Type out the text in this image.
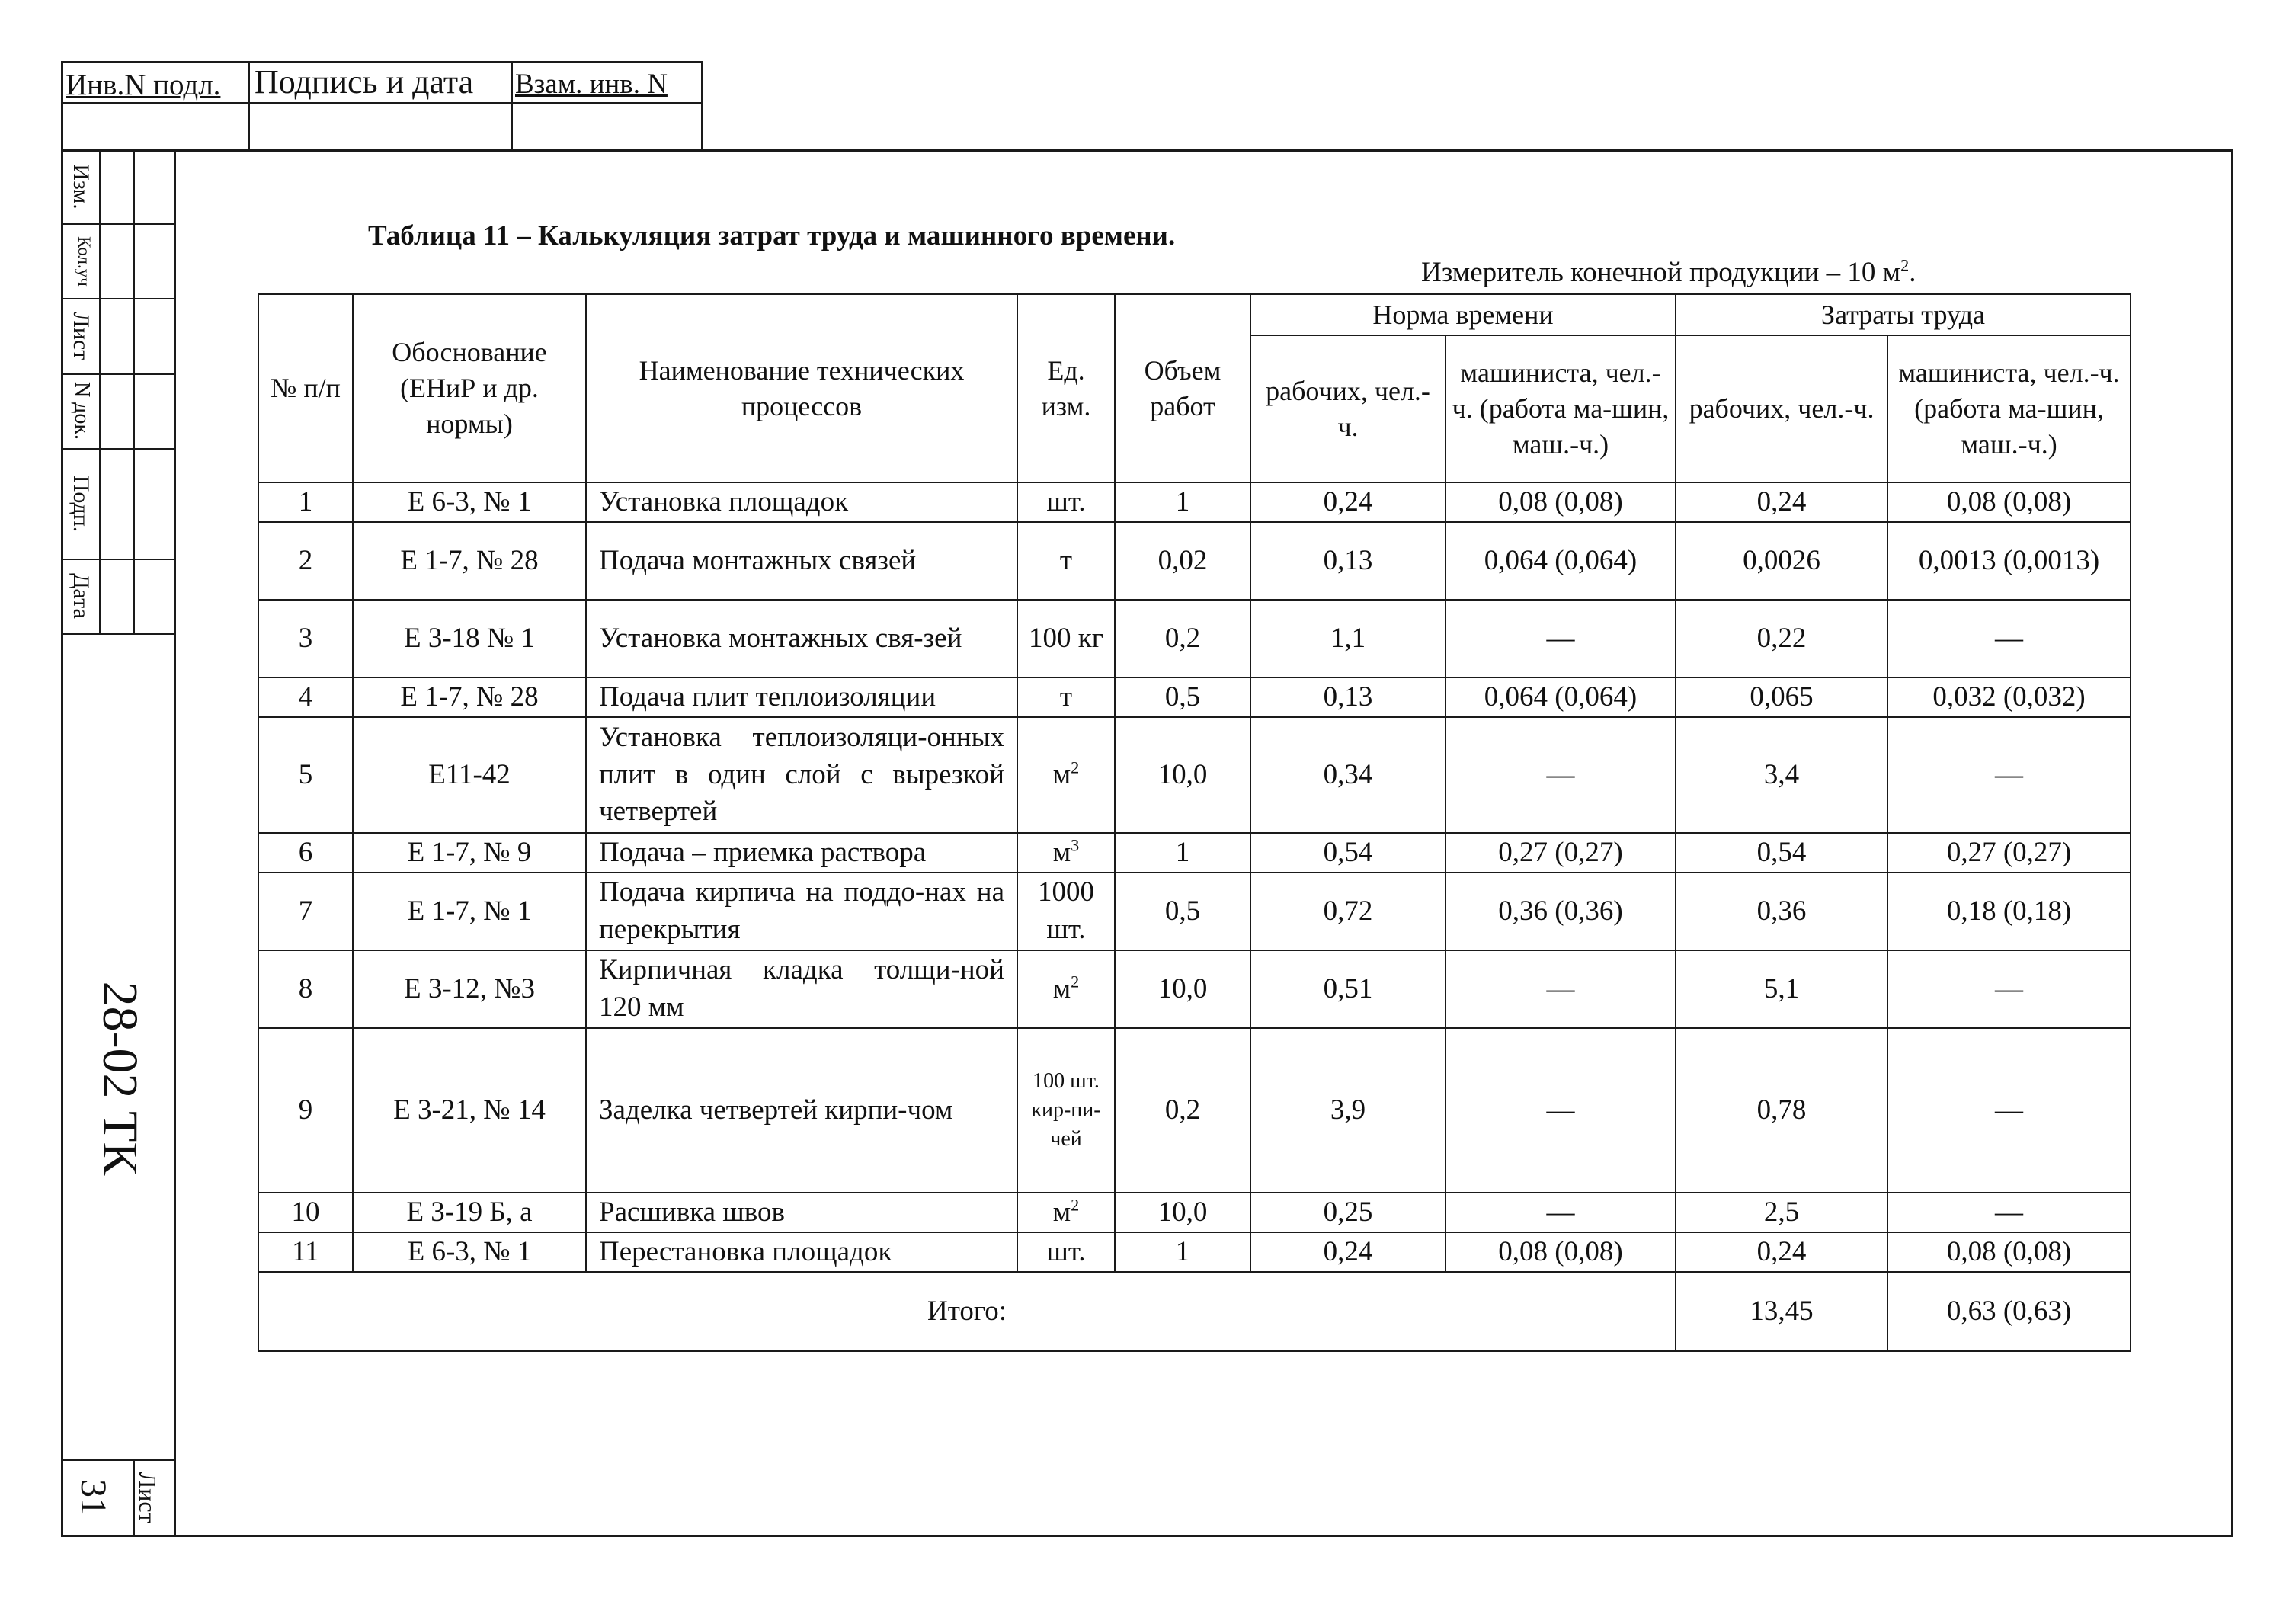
Инв.N подл. Подпись и дата Взам. инв. N
Изм.
Кол.уч
Лист
N док.
Подп.
Дата
28-02 ТК
Лист
31
Таблица 11 – Калькуляция затрат труда и машинного времени.
Измеритель конечной продукции – 10 $м^2$.
№ п/п	Обоснование (ЕНиР и др. нормы)	Наименование технических процессов	Ед. изм.	Объем работ	Норма времени		Затраты труда	
					рабочих, чел.-ч.	машиниста, чел.-ч. (работа ма-шин, маш.-ч.)	рабочих, чел.-ч.	машиниста, чел.-ч. (работа ма-шин, маш.-ч.)
1	Е 6-3, № 1	Установка площадок	шт.	1	0,24	0,08 (0,08)	0,24	0,08 (0,08)
2	Е 1-7, № 28	Подача монтажных связей	т	0,02	0,13	0,064 (0,064)	0,0026	0,0013 (0,0013)
3	Е 3-18 № 1	Установка монтажных свя-зей	100 кг	0,2	1,1	—	0,22	—
4	Е 1-7, № 28	Подача плит теплоизоляции	т	0,5	0,13	0,064 (0,064)	0,065	0,032 (0,032)
5	Е11-42	Установка теплоизоляци-онных плит в один слой с вырезкой четвертей	$м^2$	10,0	0,34	—	3,4	—
6	Е 1-7, № 9	Подача – приемка раствора	$м^3$	1	0,54	0,27 (0,27)	0,54	0,27 (0,27)
7	Е 1-7, № 1	Подача кирпича на поддо-нах на перекрытия	1000 шт.	0,5	0,72	0,36 (0,36)	0,36	0,18 (0,18)
8	Е 3-12, №3	Кирпичная кладка толщи-ной 120 мм	$м^2$	10,0	0,51	—	5,1	—
9	Е 3-21, № 14	Заделка четвертей кирпи-чом	100 шт. кир-пи-чей	0,2	3,9	—	0,78	—
10	Е 3-19 Б, а	Расшивка швов	$м^2$	10,0	0,25	—	2,5	—
11	Е 6-3, № 1	Перестановка площадок	шт.	1	0,24	0,08 (0,08)	0,24	0,08 (0,08)
Итого:							13,45	0,63 (0,63)
